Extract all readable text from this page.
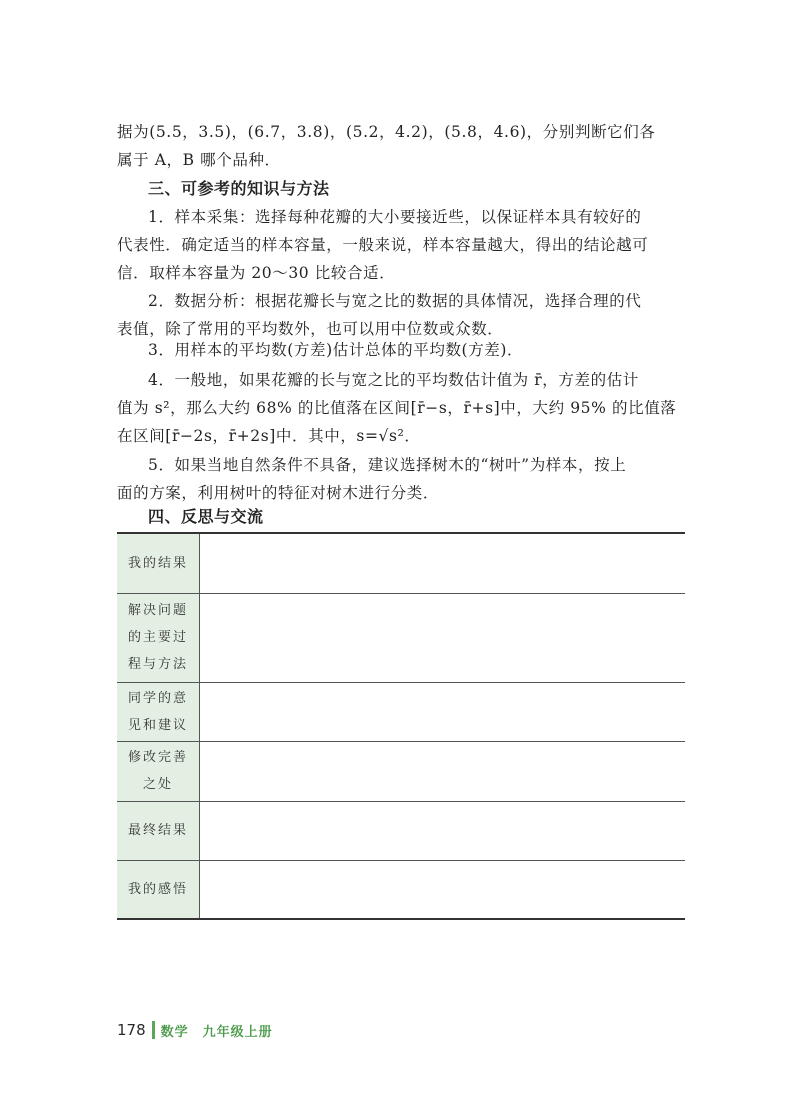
据为(5.5，3.5)，(6.7，3.8)，(5.2，4.2)，(5.8，4.6)，分别判断它们各
属于 A，B 哪个品种．

三、可参考的知识与方法

1．样本采集：选择每种花瓣的大小要接近些，以保证样本具有较好的
代表性．确定适当的样本容量，一般来说，样本容量越大，得出的结论越可
信．取样本容量为 20～30 比较合适．

2．数据分析：根据花瓣长与宽之比的数据的具体情况，选择合理的代
表值，除了常用的平均数外，也可以用中位数或众数．

3．用样本的平均数(方差)估计总体的平均数(方差)．

4．一般地，如果花瓣的长与宽之比的平均数估计值为 r̄，方差的估计
值为 s²，那么大约 68% 的比值落在区间[r̄−s，r̄+s]中，大约 95% 的比值落
在区间[r̄−2s，r̄+2s]中．其中，s=√s²．

5．如果当地自然条件不具备，建议选择树木的“树叶”为样本，按上
面的方案，利用树叶的特征对树木进行分类．

四、反思与交流
我的结果	
解决问题的主要过程与方法	
同学的意见和建议	
修改完善之处	
最终结果	
我的感悟	
178 数学 九年级上册
